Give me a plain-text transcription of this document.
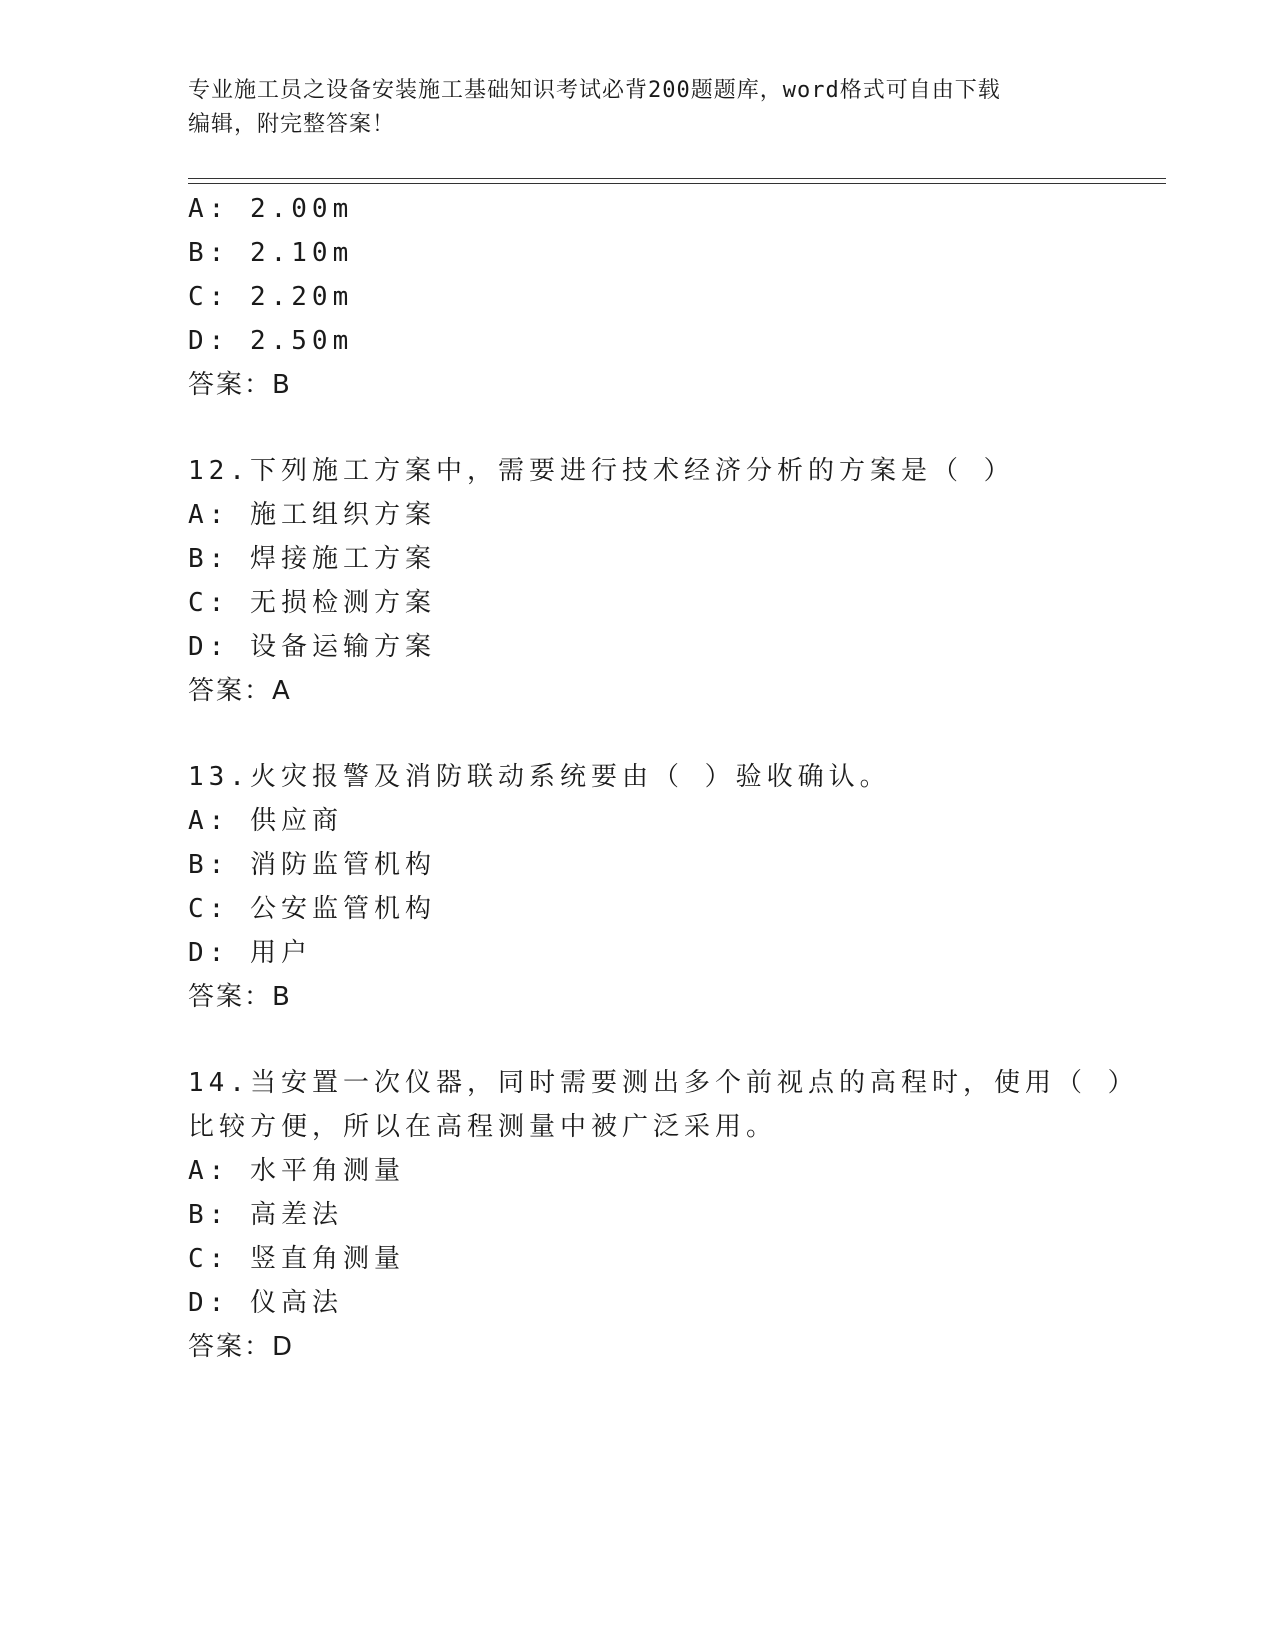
专业施工员之设备安装施工基础知识考试必背200题题库，word格式可自由下载

编辑，附完整答案！

A: 2.00m
B: 2.10m
C: 2.20m
D: 2.50m
答案：B
12.下列施工方案中，需要进行技术经济分析的方案是（ ）
A: 施工组织方案
B: 焊接施工方案
C: 无损检测方案
D: 设备运输方案
答案：A
13.火灾报警及消防联动系统要由（ ）验收确认。
A: 供应商
B: 消防监管机构
C: 公安监管机构
D: 用户
答案：B
14.当安置一次仪器，同时需要测出多个前视点的高程时，使用（ ）
比较方便，所以在高程测量中被广泛采用。
A: 水平角测量
B: 高差法
C: 竖直角测量
D: 仪高法
答案：D
